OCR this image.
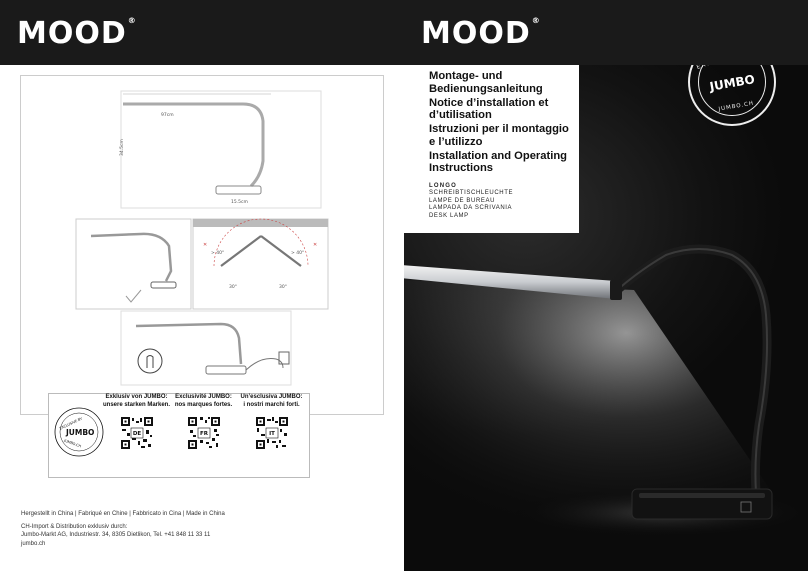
MOOD®	MOOD®
97cm
34.5cm
15.5cm
✕	✕
> 40°	> 40°
30°	30°
EXCLUSIVE BY
JUMBO
JUMBO.CH
Exklusiv von JUMBO:
unsere starken Marken.
DE
Exclusivité JUMBO:
nos marques fortes.
FR
Un’esclusiva JUMBO:
i nostri marchi forti.
IT
Hergestellt in China | Fabriqué en Chine | Fabbricato in Cina | Made in China
CH-Import & Distribution exklusiv durch:
Jumbo-Markt AG, Industriestr. 34, 8305 Dietlikon, Tel. +41 848 11 33 11
jumbo.ch
Montage- und
Bedienungsanleitung
Notice d’installation et
d’utilisation
Istruzioni per il montaggio
e l’utilizzo
Installation and Operating
Instructions
LONGO
SCHREIBTISCHLEUCHTE
LAMPE DE BUREAU
LAMPADA DA SCRIVANIA
DESK LAMP
JUMBO
JUMBO.CH
